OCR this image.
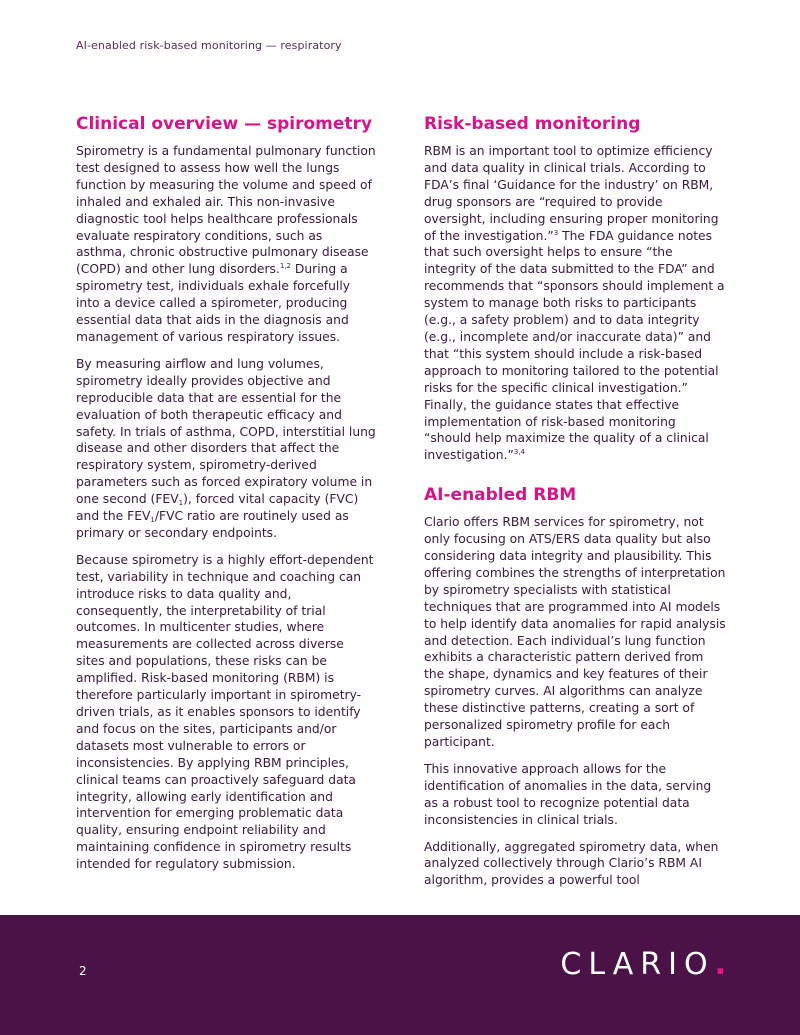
AI-enabled risk-based monitoring — respiratory
Clinical overview — spirometry

Spirometry is a fundamental pulmonary function test designed to assess how well the lungs function by measuring the volume and speed of inhaled and exhaled air. This non-invasive diagnostic tool helps healthcare professionals evaluate respiratory conditions, such as asthma, chronic obstructive pulmonary disease (COPD) and other lung disorders.$^{1,2}$ During a spirometry test, individuals exhale forcefully into a device called a spirometer, producing essential data that aids in the diagnosis and management of various respiratory issues.

By measuring airflow and lung volumes, spirometry ideally provides objective and reproducible data that are essential for the evaluation of both therapeutic efficacy and safety. In trials of asthma, COPD, interstitial lung disease and other disorders that affect the respiratory system, spirometry-derived parameters such as forced expiratory volume in one second $(FEV_1)$, forced vital capacity (FVC) and the $FEV_1$/FVC ratio are routinely used as primary or secondary endpoints.

Because spirometry is a highly effort-dependent test, variability in technique and coaching can introduce risks to data quality and, consequently, the interpretability of trial outcomes. In multicenter studies, where measurements are collected across diverse sites and populations, these risks can be amplified. Risk-based monitoring (RBM) is therefore particularly important in spirometry-driven trials, as it enables sponsors to identify and focus on the sites, participants and/or datasets most vulnerable to errors or inconsistencies. By applying RBM principles, clinical teams can proactively safeguard data integrity, allowing early identification and intervention for emerging problematic data quality, ensuring endpoint reliability and maintaining confidence in spirometry results intended for regulatory submission.

Risk-based monitoring

RBM is an important tool to optimize efficiency and data quality in clinical trials. According to FDA’s final ‘Guidance for the industry’ on RBM, drug sponsors are “required to provide oversight, including ensuring proper monitoring of the investigation.”$^3$ The FDA guidance notes that such oversight helps to ensure “the integrity of the data submitted to the FDA” and recommends that “sponsors should implement a system to manage both risks to participants (e.g., a safety problem) and to data integrity (e.g., incomplete and/or inaccurate data)” and that “this system should include a risk-based approach to monitoring tailored to the potential risks for the specific clinical investigation.” Finally, the guidance states that effective implementation of risk-based monitoring “should help maximize the quality of a clinical investigation.”$^{3,4}$

AI-enabled RBM

Clario offers RBM services for spirometry, not only focusing on ATS/ERS data quality but also considering data integrity and plausibility. This offering combines the strengths of interpretation by spirometry specialists with statistical techniques that are programmed into AI models to help identify data anomalies for rapid analysis and detection. Each individual’s lung function exhibits a characteristic pattern derived from the shape, dynamics and key features of their spirometry curves. AI algorithms can analyze these distinctive patterns, creating a sort of personalized spirometry profile for each participant.

This innovative approach allows for the identification of anomalies in the data, serving as a robust tool to recognize potential data inconsistencies in clinical trials.

Additionally, aggregated spirometry data, when analyzed collectively through Clario’s RBM AI algorithm, provides a powerful tool

2	CLARIO.
